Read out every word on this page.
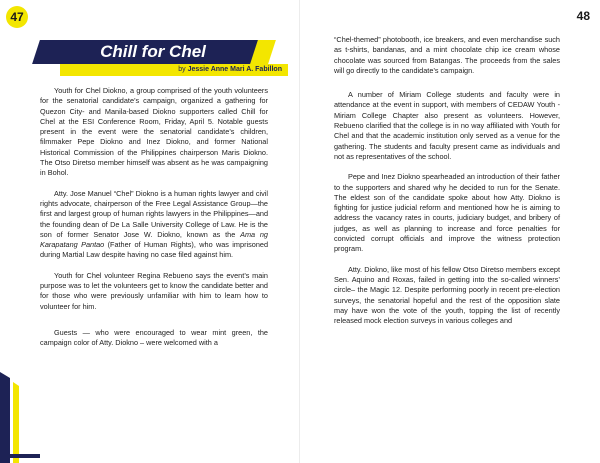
47
Chill for Chel
by Jessie Anne Mari A. Fabillon

Youth for Chel Diokno, a group comprised of the youth volunteers for the senatorial candidate’s campaign, organized a gathering for Quezon City- and Manila-based Diokno supporters called Chill for Chel at the ESI Conference Room, Friday, April 5. Notable guests present in the event were the senatorial candidate’s children, filmmaker Pepe Diokno and Inez Diokno, and former National Historical Commission of the Philippines chairperson Maris Diokno. The Otso Diretso member himself was absent as he was campaigning in Bohol.

Atty. Jose Manuel “Chel” Diokno is a human rights lawyer and civil rights advocate, chairperson of the Free Legal Assistance Group—the first and largest group of human rights lawyers in the Philippines—and the founding dean of De La Salle University College of Law. He is the son of former Senator Jose W. Diokno, known as the Ama ng Karapatang Pantao (Father of Human Rights), who was imprisoned during Martial Law despite having no case filed against him.

Youth for Chel volunteer Regina Rebueno says the event’s main purpose was to let the volunteers get to know the candidate better and for those who were previously unfamiliar with him to learn how to volunteer for him.

Guests — who were encouraged to wear mint green, the campaign color of Atty. Diokno – were welcomed with a

48

“Chel-themed” photobooth, ice breakers, and even merchandise such as t-shirts, bandanas, and a mint chocolate chip ice cream whose chocolate was sourced from Batangas. The proceeds from the sales will go directly to the candidate’s campaign.

A number of Miriam College students and faculty were in attendance at the event in support, with members of CEDAW Youth - Miriam College Chapter also present as volunteers. However, Rebueno clarified that the college is in no way affiliated with Youth for Chel and that the academic institution only served as a venue for the gathering. The students and faculty present came as individuals and not as representatives of the school.

Pepe and Inez Diokno spearheaded an introduction of their father to the supporters and shared why he decided to run for the Senate. The eldest son of the candidate spoke about how Atty. Diokno is fighting for justice judicial reform and mentioned how he is aiming to address the vacancy rates in courts, judiciary budget, and bribery of judges, as well as planning to increase and force penalties for convicted corrupt officials and improve the witness protection program.

Atty. Diokno, like most of his fellow Otso Diretso members except Sen. Aquino and Roxas, failed in getting into the so-called winners’ circle– the Magic 12. Despite performing poorly in recent pre-election surveys, the senatorial hopeful and the rest of the opposition slate may have won the vote of the youth, topping the list of recently released mock election surveys in various colleges and
